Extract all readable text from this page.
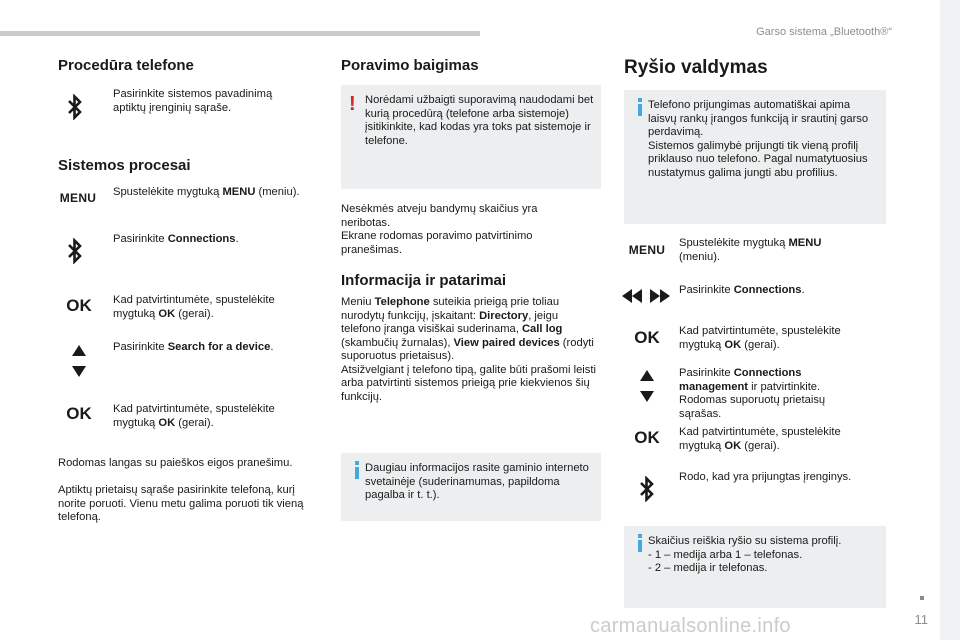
Garso sistema „Bluetooth®“
11
carmanualsonline.info
Procedūra telefone
Pasirinkite sistemos pavadinimą aptiktų įrenginių sąraše.
Sistemos procesai
MENU Spustelėkite mygtuką MENU (meniu).
Pasirinkite Connections.
OK Kad patvirtintumėte, spustelėkite mygtuką OK (gerai).
Pasirinkite Search for a device.
OK Kad patvirtintumėte, spustelėkite mygtuką OK (gerai).
Rodomas langas su paieškos eigos pranešimu.
Aptiktų prietaisų sąraše pasirinkite telefoną, kurį norite poruoti. Vienu metu galima poruoti tik vieną telefoną.
Poravimo baigimas
! Norėdami užbaigti suporavimą naudodami bet kurią procedūrą (telefone arba sistemoje) įsitikinkite, kad kodas yra toks pat sistemoje ir telefone.
Nesėkmės atveju bandymų skaičius yra neribotas.
Ekrane rodomas poravimo patvirtinimo pranešimas.
Informacija ir patarimai
Meniu Telephone suteikia prieigą prie toliau nurodytų funkcijų, įskaitant: Directory, jeigu telefono įranga visiškai suderinama, Call log (skambučių žurnalas), View paired devices (rodyti suporuotus prietaisus).
Atsižvelgiant į telefono tipą, galite būti prašomi leisti arba patvirtinti sistemos prieigą prie kiekvienos šių funkcijų.
Daugiau informacijos rasite gaminio interneto svetainėje (suderinamumas, papildoma pagalba ir t. t.).
Ryšio valdymas
Telefono prijungimas automatiškai apima laisvų rankų įrangos funkciją ir srautinį garso perdavimą.
Sistemos galimybė prijungti tik vieną profilį priklauso nuo telefono. Pagal numatytuosius nustatymus galima jungti abu profilius.
MENU Spustelėkite mygtuką MENU (meniu).
Pasirinkite Connections.
OK Kad patvirtintumėte, spustelėkite mygtuką OK (gerai).
Pasirinkite Connections management ir patvirtinkite. Rodomas suporuotų prietaisų sąrašas.
OK Kad patvirtintumėte, spustelėkite mygtuką OK (gerai).
Rodo, kad yra prijungtas įrenginys.
Skaičius reiškia ryšio su sistema profilį.
- 1 – medija arba 1 – telefonas.
- 2 – medija ir telefonas.
